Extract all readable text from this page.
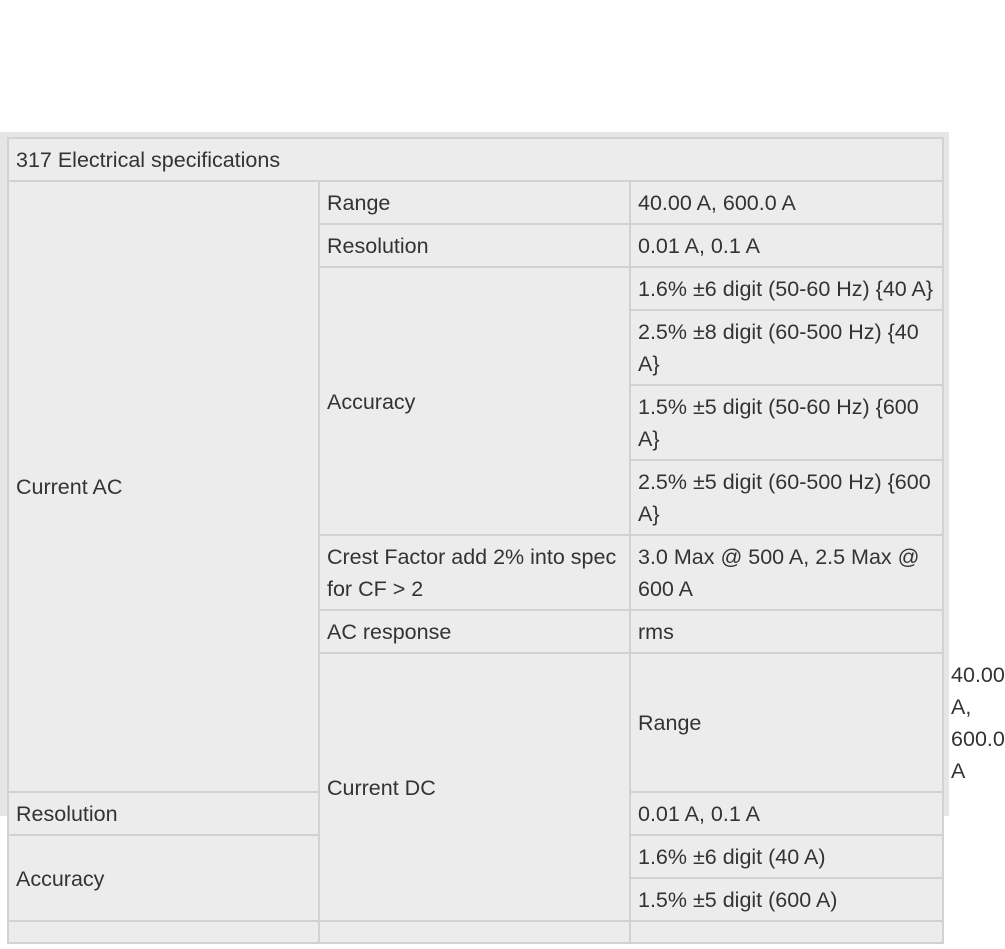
317 Electrical specifications			
Current AC	Range	40.00 A, 600.0 A	
	Resolution	0.01 A, 0.1 A	
	Accuracy	1.6% ±6 digit (50-60 Hz) {40 A}	
		2.5% ±8 digit (60-500 Hz) {40 A}	
		1.5% ±5 digit (50-60 Hz) {600 A}	
		2.5% ±5 digit (60-500 Hz) {600 A}	
	Crest Factor add 2% into spec for CF > 2	3.0 Max @ 500 A, 2.5 Max @ 600 A	
	AC response	rms	
	Current DC	Range	40.00 A, 600.0 A
Resolution		0.01 A, 0.1 A	
Accuracy		1.6% ±6 digit (40 A)	
		1.5% ±5 digit (600 A)	
